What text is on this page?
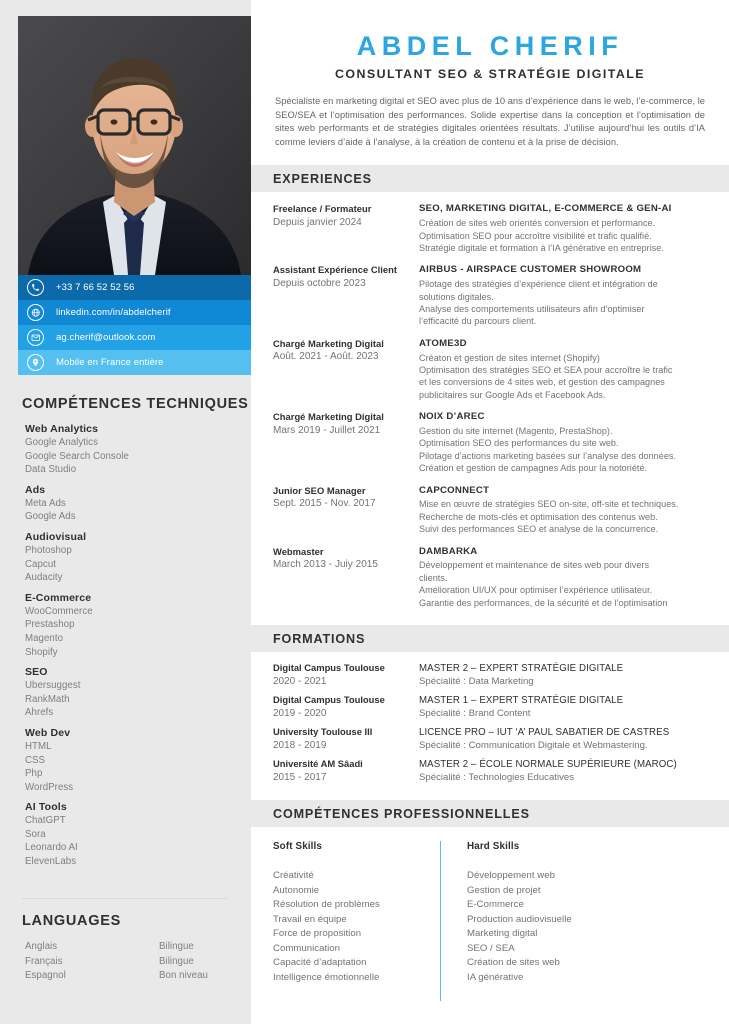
+33 7 66 52 52 56
linkedin.com/in/abdelcherif
ag.cherif@outlook.com
Mobile en France entière
COMPÉTENCES TECHNIQUES
Web Analytics
Google Analytics
Google Search Console
Data Studio
Ads
Meta Ads
Google Ads
Audiovisual
Photoshop
Capcut
Audacity
E-Commerce
WooCommerce
Prestashop
Magento
Shopify
SEO
Ubersuggest
RankMath
Ahrefs
Web Dev
HTML
CSS
Php
WordPress
AI Tools
ChatGPT
Sora
Leonardo AI
ElevenLabs
LANGUAGES
Anglais	Bilingue
Français	Bilingue
Espagnol	Bon niveau
ABDEL CHERIF
CONSULTANT SEO & STRATÉGIE DIGITALE

Spécialiste en marketing digital et SEO avec plus de 10 ans d’expérience dans le web, l’e-commerce, le SEO/SEA et l’optimisation des performances. Solide expertise dans la conception et l’optimisation de sites web performants et de stratégies digitales orientées résultats. J’utilise aujourd’hui les outils d’IA comme leviers d’aide à l’analyse, à la création de contenu et à la prise de décision.

EXPERIENCES
Freelance / Formateur
Depuis janvier 2024
SEO, MARKETING DIGITAL, E-COMMERCE & GEN-AI
Création de sites web orientés conversion et performance.
Optimisation SEO pour accroître visibilité et trafic qualifié.
Stratégie digitale et formation à l’IA générative en entreprise.
Assistant Expérience Client
Depuis octobre 2023
AIRBUS - AIRSPACE CUSTOMER SHOWROOM
Pilotage des stratégies d’expérience client et intégration de
solutions digitales.
Analyse des comportements utilisateurs afin d’optimiser
l’efficacité du parcours client.
Chargé Marketing Digital
Août. 2021 - Août. 2023
ATOME3D
Créaton et gestion de sites internet (Shopify)
Optimisation des stratégies SEO et SEA pour accroître le trafic
et les conversions de 4 sites web, et gestion des campagnes
publicitaires sur Google Ads et Facebook Ads.
Chargé Marketing Digital
Mars 2019 - Juillet 2021
NOIX D’AREC
Gestion du site internet (Magento, PrestaShop).
Optimisation SEO des performances du site web.
Pilotage d’actions marketing basées sur l’analyse des données.
Création et gestion de campagnes Ads pour la notoriété.
Junior SEO Manager
Sept. 2015 - Nov. 2017
CAPCONNECT
Mise en œuvre de stratégies SEO on-site, off-site et techniques.
Recherche de mots-clés et optimisation des contenus web.
Suivi des performances SEO et analyse de la concurrence.
Webmaster
March 2013 - Juiy 2015
DAMBARKA
Développement et maintenance de sites web pour divers
clients.
Amélioration UI/UX pour optimiser l’expérience utilisateur.
Garantie des performances, de la sécurité et de l’optimisation
FORMATIONS
Digital Campus Toulouse
2020 - 2021
MASTER 2 – EXPERT STRATÉGIE DIGITALE
Spécialité : Data Marketing
Digital Campus Toulouse
2019 - 2020
MASTER 1 – EXPERT STRATÉGIE DIGITALE
Spécialité : Brand Content
University Toulouse III
2018 - 2019
LICENCE PRO – IUT ‘A’ PAUL SABATIER DE CASTRES
Spécialité : Communication Digitale et Webmastering.
Université AM Sâadi
2015 - 2017
MASTER 2 – ÉCOLE NORMALE SUPÉRIEURE (MAROC)
Spécialité : Technologies Educatives
COMPÉTENCES PROFESSIONNELLES
Soft Skills
Créativité
Autonomie
Résolution de problèmes
Travail en équipe
Force de proposition
Communication
Capacité d’adaptation
Intelligence émotionnelle
Hard Skills
Développement web
Gestion de projet
E-Commerce
Production audiovisuelle
Marketing digital
SEO / SEA
Création de sites web
IA générative
